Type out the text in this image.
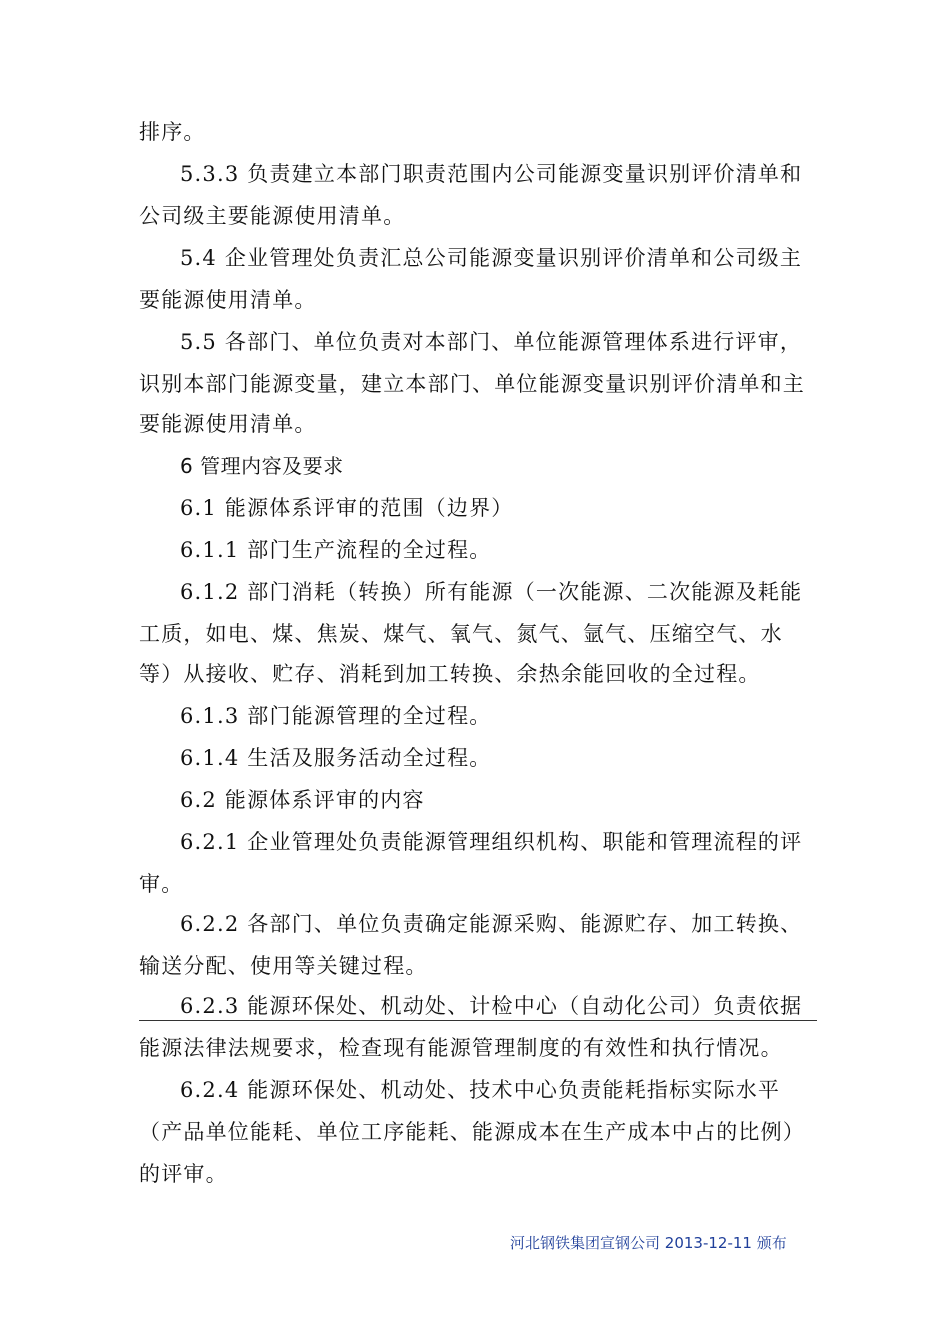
排序。
5.3.3 负责建立本部门职责范围内公司能源变量识别评价清单和
公司级主要能源使用清单。
5.4 企业管理处负责汇总公司能源变量识别评价清单和公司级主
要能源使用清单。
5.5 各部门、单位负责对本部门、单位能源管理体系进行评审，
识别本部门能源变量，建立本部门、单位能源变量识别评价清单和主
要能源使用清单。
6 管理内容及要求
6.1 能源体系评审的范围（边界）
6.1.1 部门生产流程的全过程。
6.1.2 部门消耗（转换）所有能源（一次能源、二次能源及耗能
工质，如电、煤、焦炭、煤气、氧气、氮气、氩气、压缩空气、水
等）从接收、贮存、消耗到加工转换、余热余能回收的全过程。
6.1.3 部门能源管理的全过程。
6.1.4 生活及服务活动全过程。
6.2 能源体系评审的内容
6.2.1 企业管理处负责能源管理组织机构、职能和管理流程的评
审。
6.2.2 各部门、单位负责确定能源采购、能源贮存、加工转换、
输送分配、使用等关键过程。
6.2.3 能源环保处、机动处、计检中心（自动化公司）负责依据
能源法律法规要求，检查现有能源管理制度的有效性和执行情况。
6.2.4 能源环保处、机动处、技术中心负责能耗指标实际水平
（产品单位能耗、单位工序能耗、能源成本在生产成本中占的比例）
的评审。
河北钢铁集团宣钢公司 2013-12-11 颁布
